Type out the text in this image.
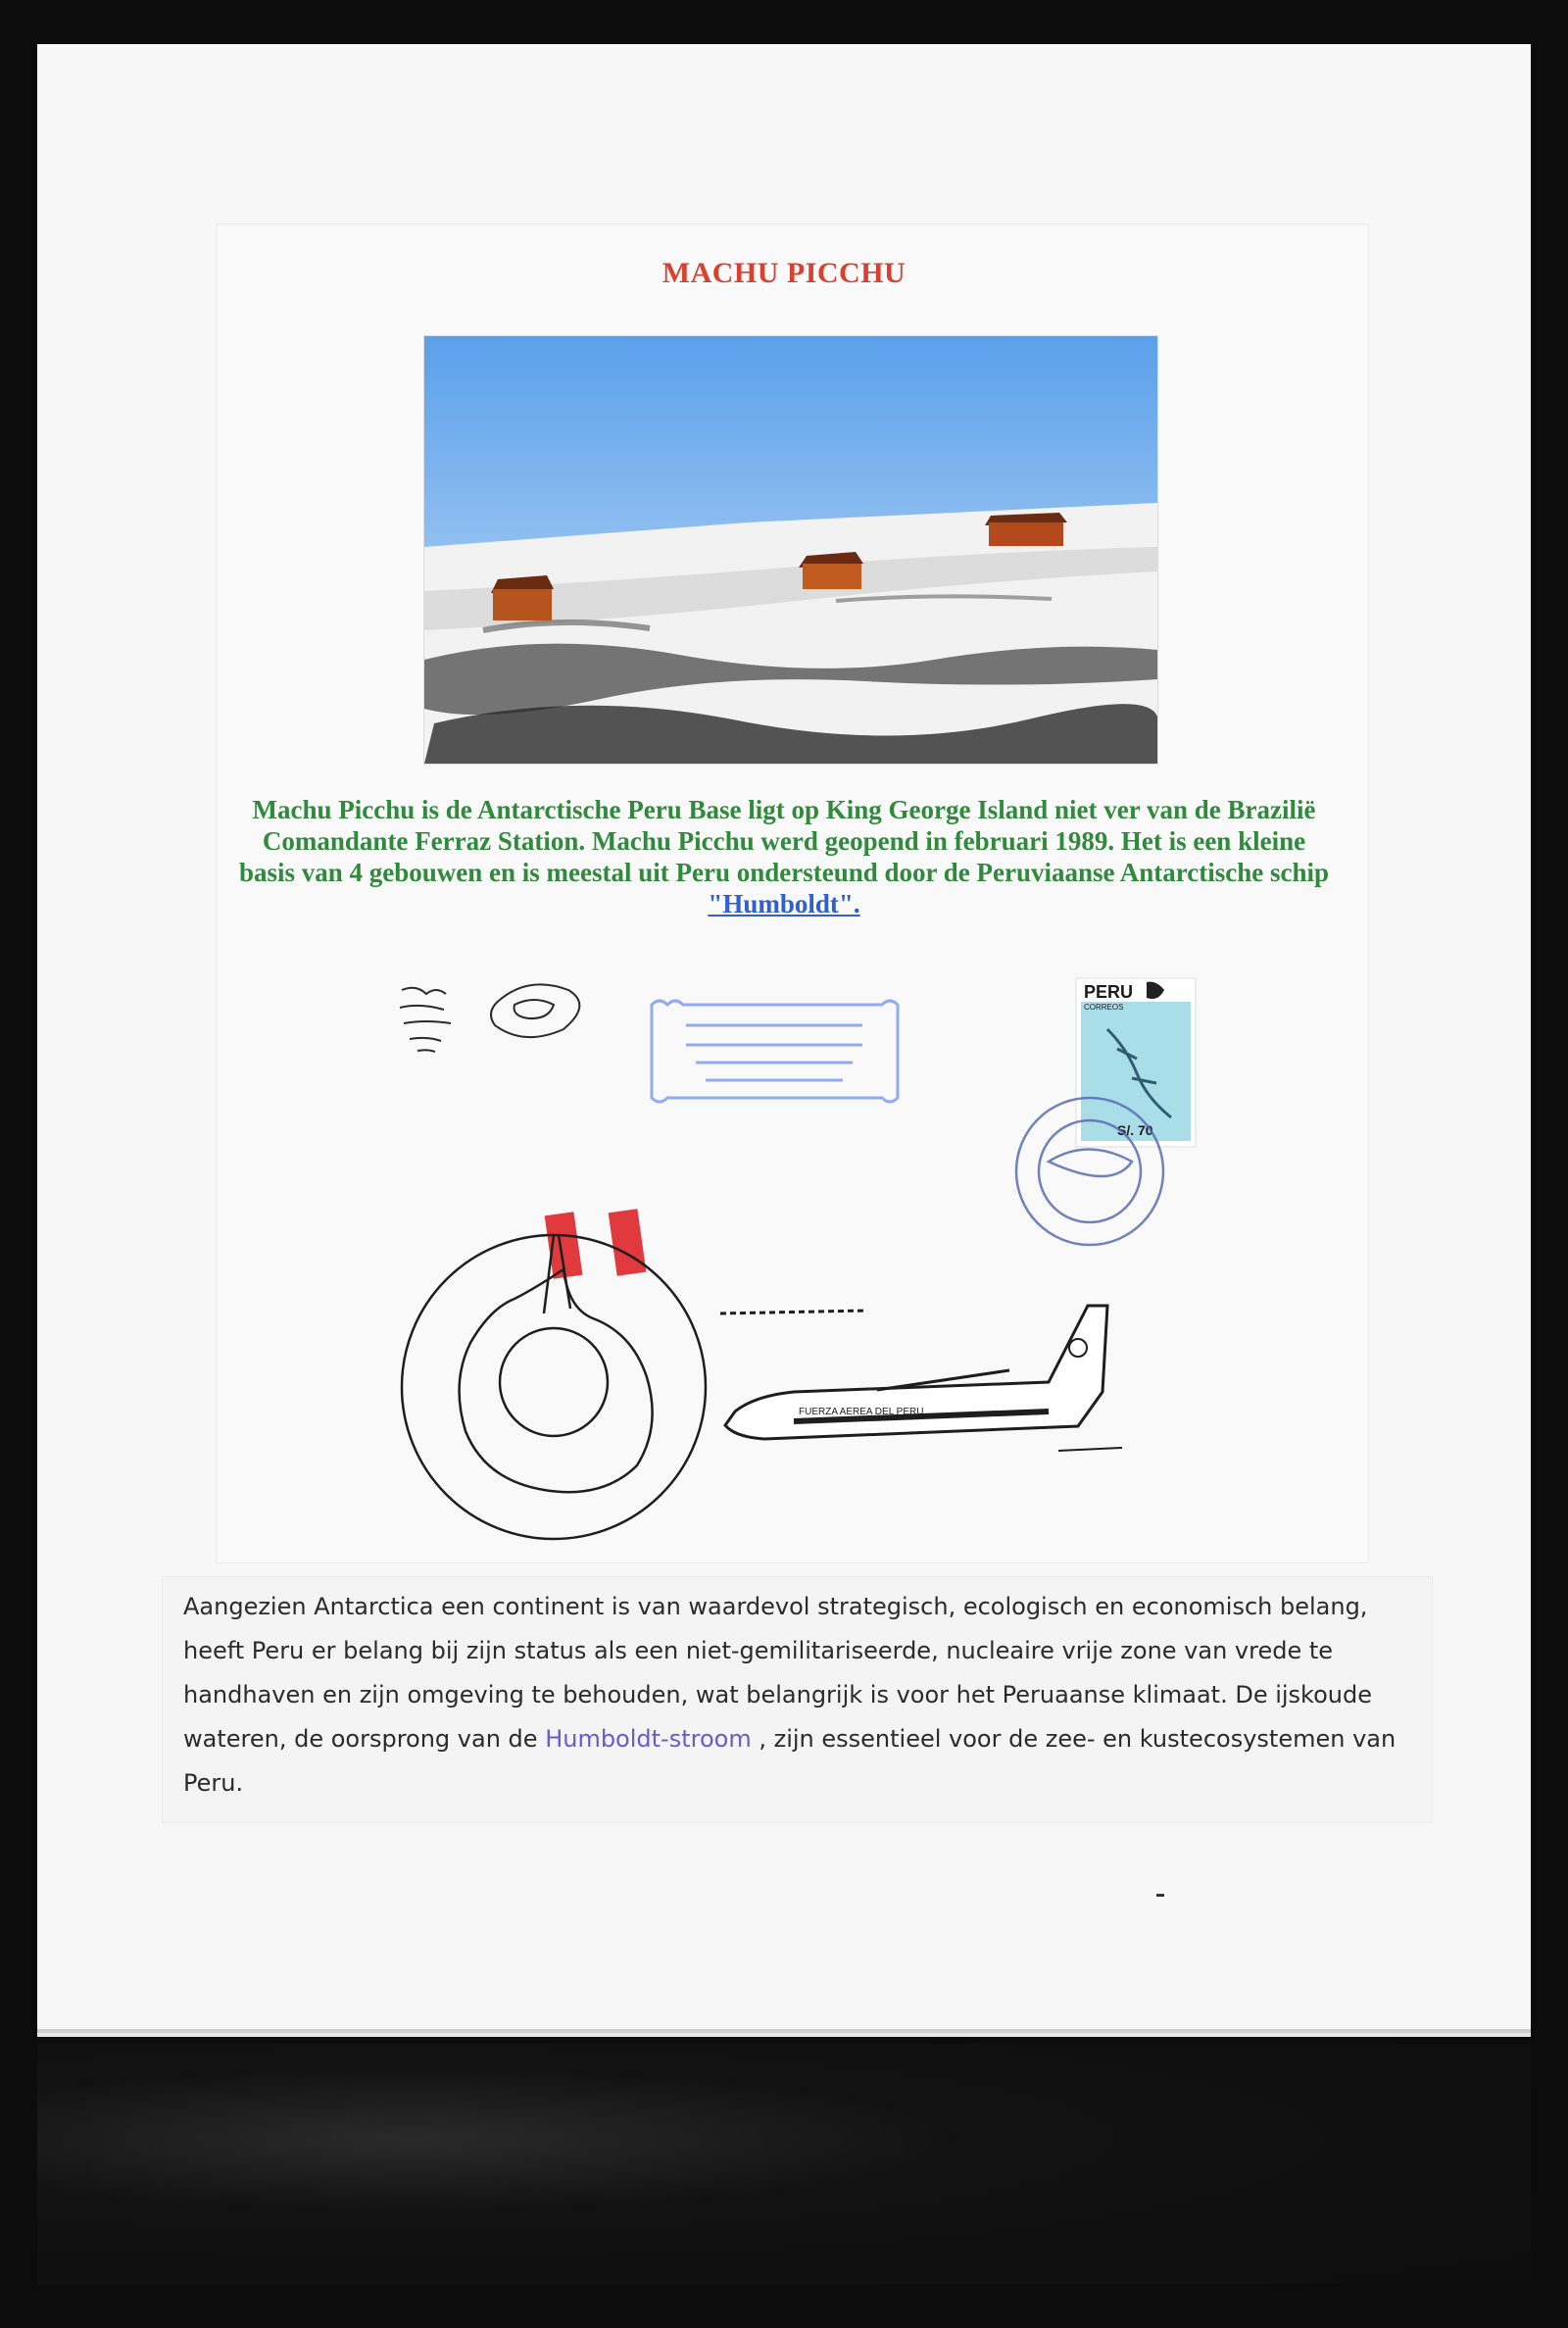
MACHU PICCHU
Machu Picchu is de Antarctische Peru Base ligt op King George Island niet ver van de Brazilië Comandante Ferraz Station. Machu Picchu werd geopend in februari 1989. Het is een kleine basis van 4 gebouwen en is meestal uit Peru ondersteund door de Peruviaanse Antarctische schip "Humboldt".
PERU
CORREOS
S/. 70
FUERZA AEREA DEL PERU

Aangezien Antarctica een continent is van waardevol strategisch, ecologisch en economisch belang, heeft Peru er belang bij zijn status als een niet-gemilitariseerde, nucleaire vrije zone van vrede te handhaven en zijn omgeving te behouden, wat belangrijk is voor het Peruaanse klimaat. De ijskoude wateren, de oorsprong van de Humboldt-stroom , zijn essentieel voor de zee- en kustecosystemen van Peru.
